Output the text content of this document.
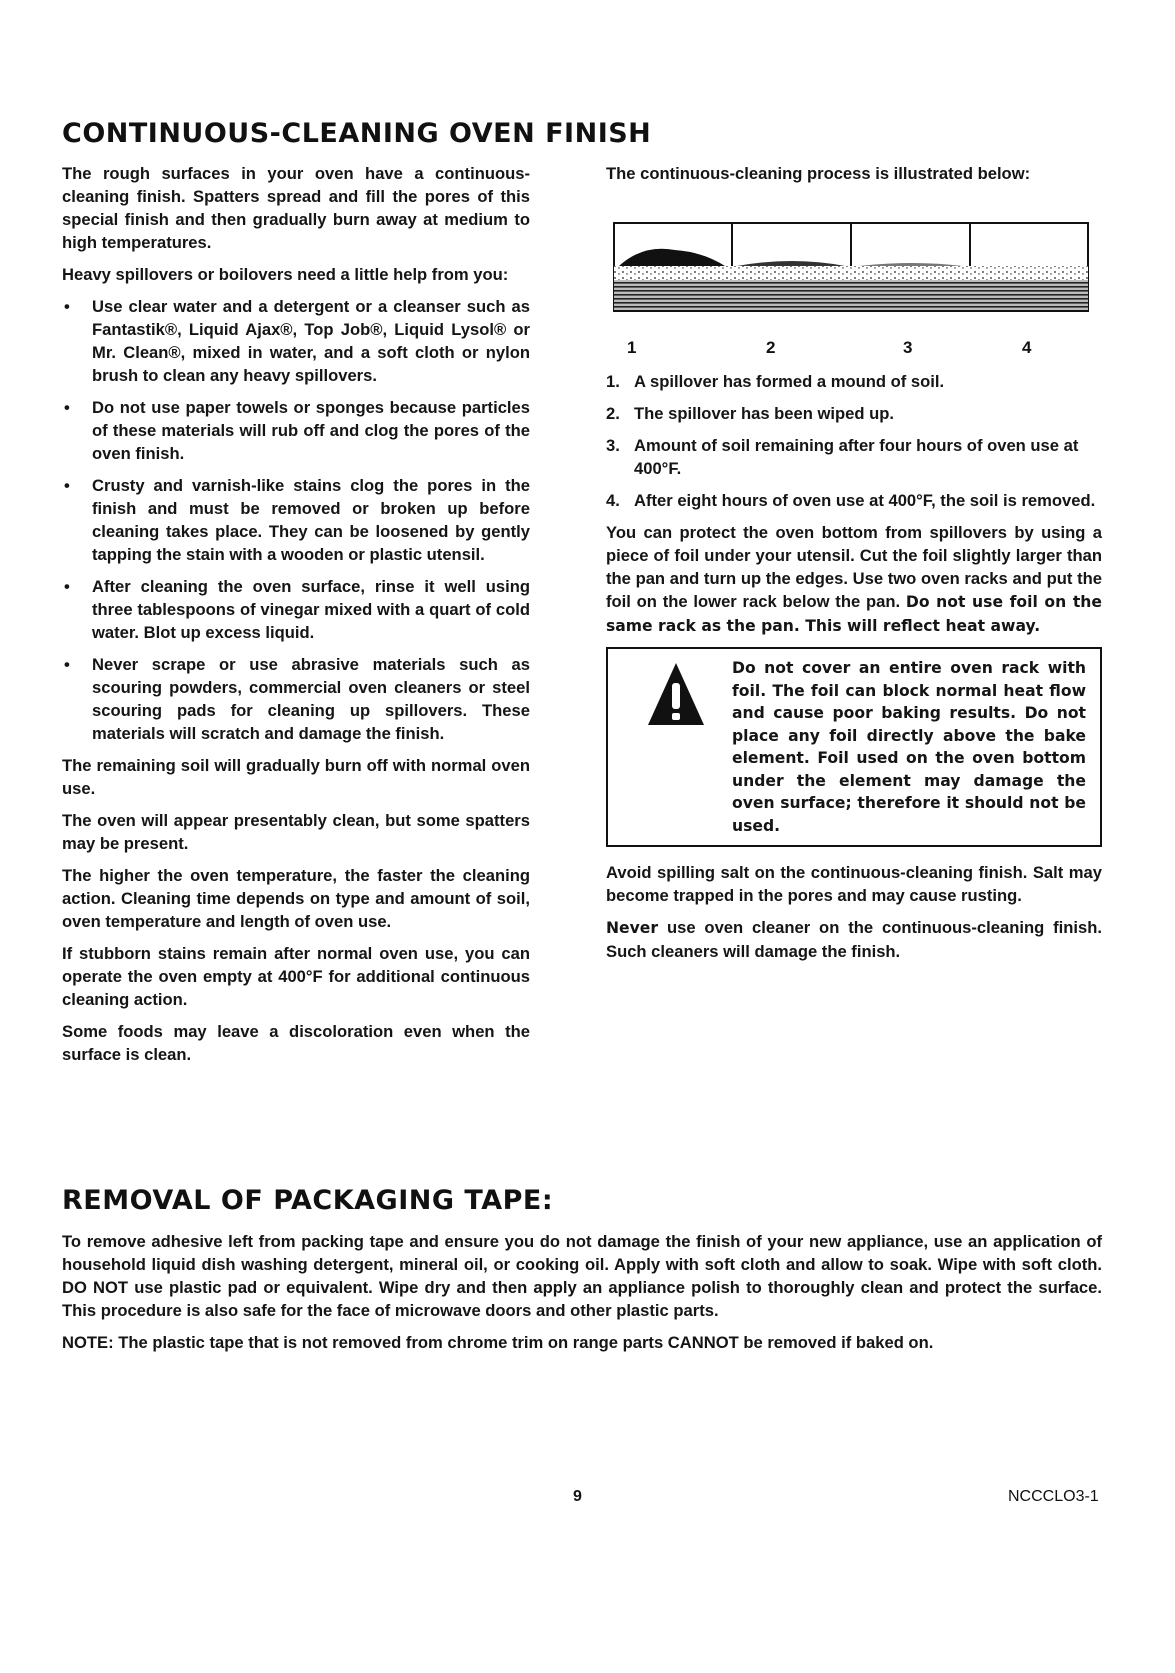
CONTINUOUS-CLEANING OVEN FINISH

The rough surfaces in your oven have a continuous-cleaning finish. Spatters spread and fill the pores of this special finish and then gradually burn away at medium to high temperatures.

Heavy spillovers or boilovers need a little help from you:

• Use clear water and a detergent or a cleanser such as Fantastik®, Liquid Ajax®, Top Job®, Liquid Lysol® or Mr. Clean®, mixed in water, and a soft cloth or nylon brush to clean any heavy spillovers.
• Do not use paper towels or sponges because particles of these materials will rub off and clog the pores of the oven finish.
• Crusty and varnish-like stains clog the pores in the finish and must be removed or broken up before cleaning takes place. They can be loosened by gently tapping the stain with a wooden or plastic utensil.
• After cleaning the oven surface, rinse it well using three tablespoons of vinegar mixed with a quart of cold water. Blot up excess liquid.
• Never scrape or use abrasive materials such as scouring powders, commercial oven cleaners or steel scouring pads for cleaning up spillovers. These materials will scratch and damage the finish.

The remaining soil will gradually burn off with normal oven use.

The oven will appear presentably clean, but some spatters may be present.

The higher the oven temperature, the faster the cleaning action. Cleaning time depends on type and amount of soil, oven temperature and length of oven use.

If stubborn stains remain after normal oven use, you can operate the oven empty at 400°F for additional continuous cleaning action.

Some foods may leave a discoloration even when the surface is clean.

The continuous-cleaning process is illustrated below:

1	2	3	4
1. A spillover has formed a mound of soil.
2. The spillover has been wiped up.
3. Amount of soil remaining after four hours of oven use at 400°F.
4. After eight hours of oven use at 400°F, the soil is removed.

You can protect the oven bottom from spillovers by using a piece of foil under your utensil. Cut the foil slightly larger than the pan and turn up the edges. Use two oven racks and put the foil on the lower rack below the pan. Do not use foil on the same rack as the pan. This will reflect heat away.

Do not cover an entire oven rack with foil. The foil can block normal heat flow and cause poor baking results. Do not place any foil directly above the bake element. Foil used on the oven bottom under the element may damage the oven surface; therefore it should not be used.

Avoid spilling salt on the continuous-cleaning finish. Salt may become trapped in the pores and may cause rusting.

Never use oven cleaner on the continuous-cleaning finish. Such cleaners will damage the finish.

REMOVAL OF PACKAGING TAPE:

To remove adhesive left from packing tape and ensure you do not damage the finish of your new appliance, use an application of household liquid dish washing detergent, mineral oil, or cooking oil. Apply with soft cloth and allow to soak. Wipe with soft cloth. DO NOT use plastic pad or equivalent. Wipe dry and then apply an appliance polish to thoroughly clean and protect the surface. This procedure is also safe for the face of microwave doors and other plastic parts.

NOTE: The plastic tape that is not removed from chrome trim on range parts CANNOT be removed if baked on.

9	NCCCLO3-1
